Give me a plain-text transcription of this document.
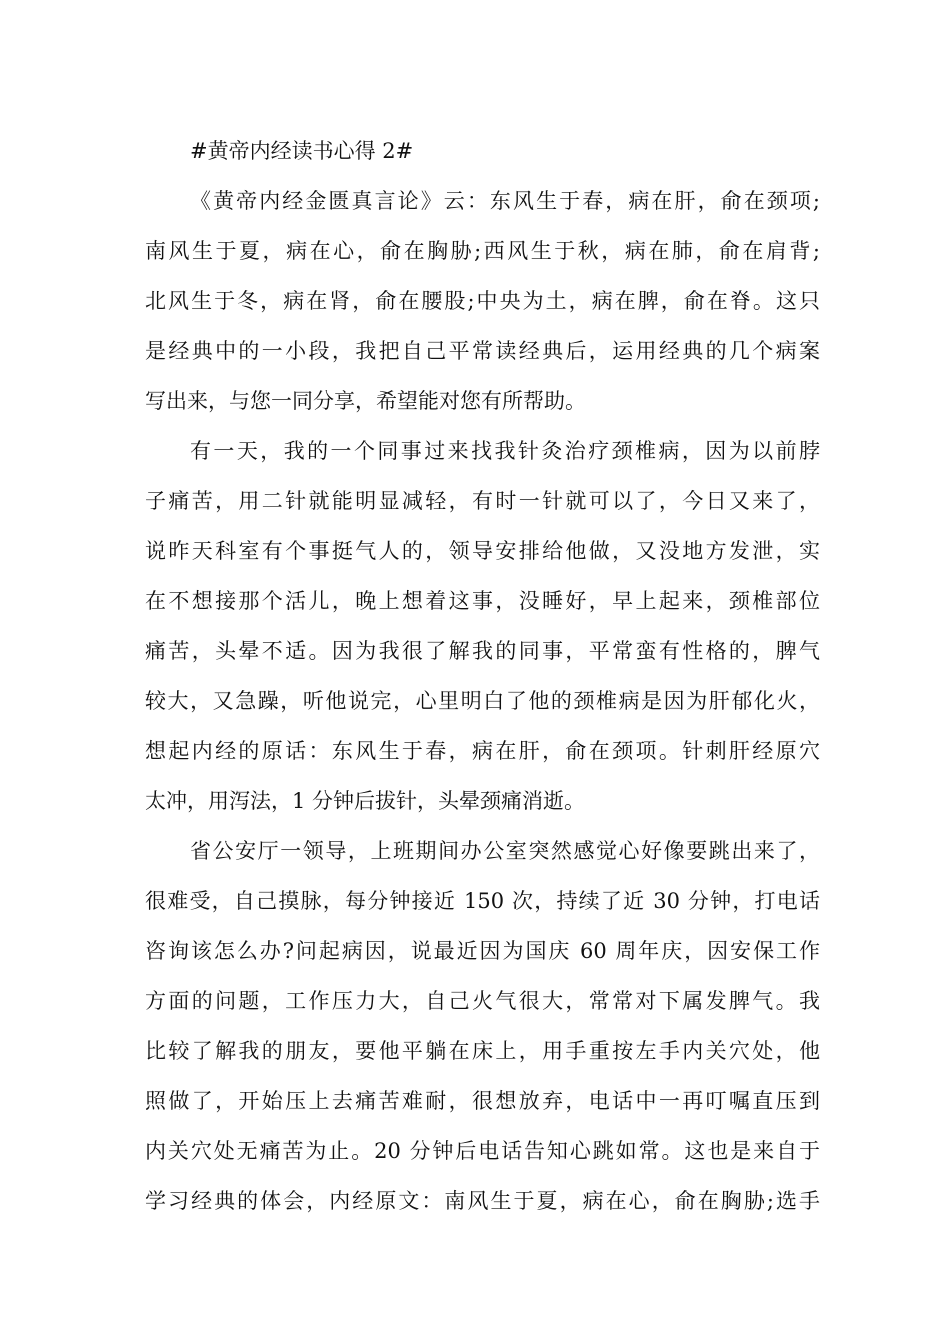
#黄帝内经读书心得 2#
《黄帝内经金匮真言论》云：东风生于春，病在肝，俞在颈项;
南风生于夏，病在心，俞在胸胁;西风生于秋，病在肺，俞在肩背;
北风生于冬，病在肾，俞在腰股;中央为土，病在脾，俞在脊。这只
是经典中的一小段，我把自己平常读经典后，运用经典的几个病案
写出来，与您一同分享，希望能对您有所帮助。
有一天，我的一个同事过来找我针灸治疗颈椎病，因为以前脖
子痛苦，用二针就能明显减轻，有时一针就可以了，今日又来了，
说昨天科室有个事挺气人的，领导安排给他做，又没地方发泄，实
在不想接那个活儿，晚上想着这事，没睡好，早上起来，颈椎部位
痛苦，头晕不适。因为我很了解我的同事，平常蛮有性格的，脾气
较大，又急躁，听他说完，心里明白了他的颈椎病是因为肝郁化火，
想起内经的原话：东风生于春，病在肝，俞在颈项。针刺肝经原穴
太冲，用泻法，1 分钟后拔针，头晕颈痛消逝。
省公安厅一领导，上班期间办公室突然感觉心好像要跳出来了，
很难受，自己摸脉，每分钟接近 150 次，持续了近 30 分钟，打电话
咨询该怎么办?问起病因，说最近因为国庆 60 周年庆，因安保工作
方面的问题，工作压力大，自己火气很大，常常对下属发脾气。我
比较了解我的朋友，要他平躺在床上，用手重按左手内关穴处，他
照做了，开始压上去痛苦难耐，很想放弃，电话中一再叮嘱直压到
内关穴处无痛苦为止。20 分钟后电话告知心跳如常。这也是来自于
学习经典的体会，内经原文：南风生于夏，病在心，俞在胸胁;选手
